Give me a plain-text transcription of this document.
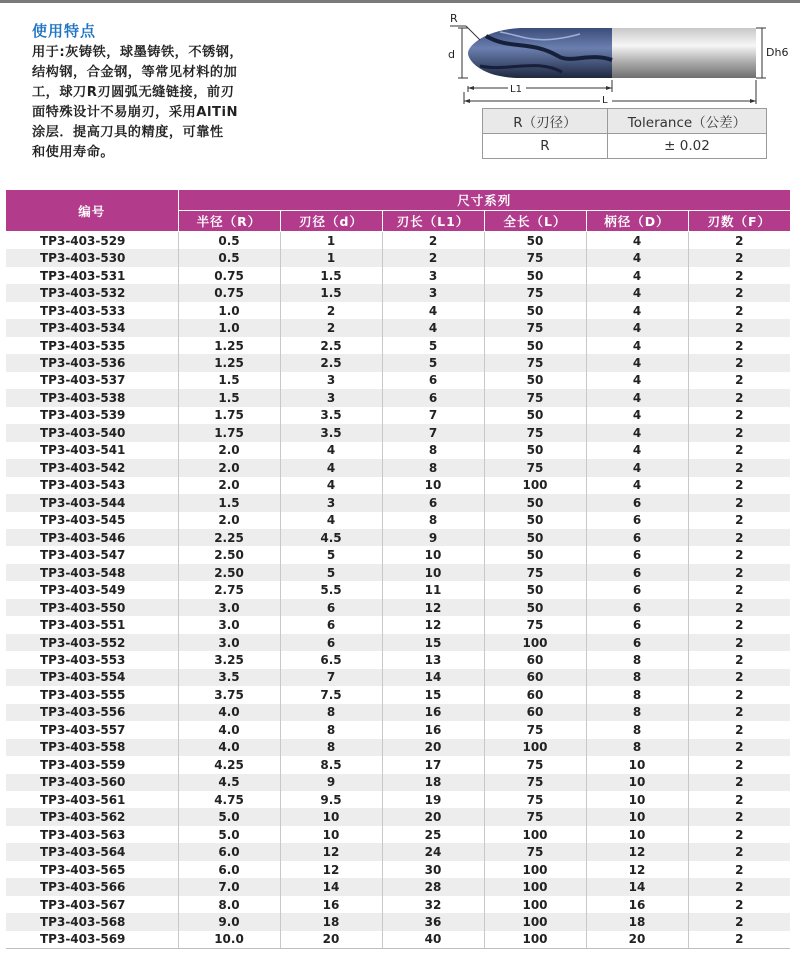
使用特点
用于:灰铸铁，球墨铸铁，不锈钢，
结构钢，合金钢，等常见材料的加
工，球刀R刃圆弧无缝链接，前刃
面特殊设计不易崩刃，采用AlTiN
涂层．提高刀具的精度，可靠性
和使用寿命。
R
d	Dh6
L1
L
R（刃径）	Tolerance（公差）
R	± 0.02
编号	尺寸系列					
	半径（R）	刃径（d）	刃长（L1）	全长（L）	柄径（D）	刃数（F）
TP3-403-529	0.5	1	2	50	4	2
TP3-403-530	0.5	1	2	75	4	2
TP3-403-531	0.75	1.5	3	50	4	2
TP3-403-532	0.75	1.5	3	75	4	2
TP3-403-533	1.0	2	4	50	4	2
TP3-403-534	1.0	2	4	75	4	2
TP3-403-535	1.25	2.5	5	50	4	2
TP3-403-536	1.25	2.5	5	75	4	2
TP3-403-537	1.5	3	6	50	4	2
TP3-403-538	1.5	3	6	75	4	2
TP3-403-539	1.75	3.5	7	50	4	2
TP3-403-540	1.75	3.5	7	75	4	2
TP3-403-541	2.0	4	8	50	4	2
TP3-403-542	2.0	4	8	75	4	2
TP3-403-543	2.0	4	10	100	4	2
TP3-403-544	1.5	3	6	50	6	2
TP3-403-545	2.0	4	8	50	6	2
TP3-403-546	2.25	4.5	9	50	6	2
TP3-403-547	2.50	5	10	50	6	2
TP3-403-548	2.50	5	10	75	6	2
TP3-403-549	2.75	5.5	11	50	6	2
TP3-403-550	3.0	6	12	50	6	2
TP3-403-551	3.0	6	12	75	6	2
TP3-403-552	3.0	6	15	100	6	2
TP3-403-553	3.25	6.5	13	60	8	2
TP3-403-554	3.5	7	14	60	8	2
TP3-403-555	3.75	7.5	15	60	8	2
TP3-403-556	4.0	8	16	60	8	2
TP3-403-557	4.0	8	16	75	8	2
TP3-403-558	4.0	8	20	100	8	2
TP3-403-559	4.25	8.5	17	75	10	2
TP3-403-560	4.5	9	18	75	10	2
TP3-403-561	4.75	9.5	19	75	10	2
TP3-403-562	5.0	10	20	75	10	2
TP3-403-563	5.0	10	25	100	10	2
TP3-403-564	6.0	12	24	75	12	2
TP3-403-565	6.0	12	30	100	12	2
TP3-403-566	7.0	14	28	100	14	2
TP3-403-567	8.0	16	32	100	16	2
TP3-403-568	9.0	18	36	100	18	2
TP3-403-569	10.0	20	40	100	20	2
